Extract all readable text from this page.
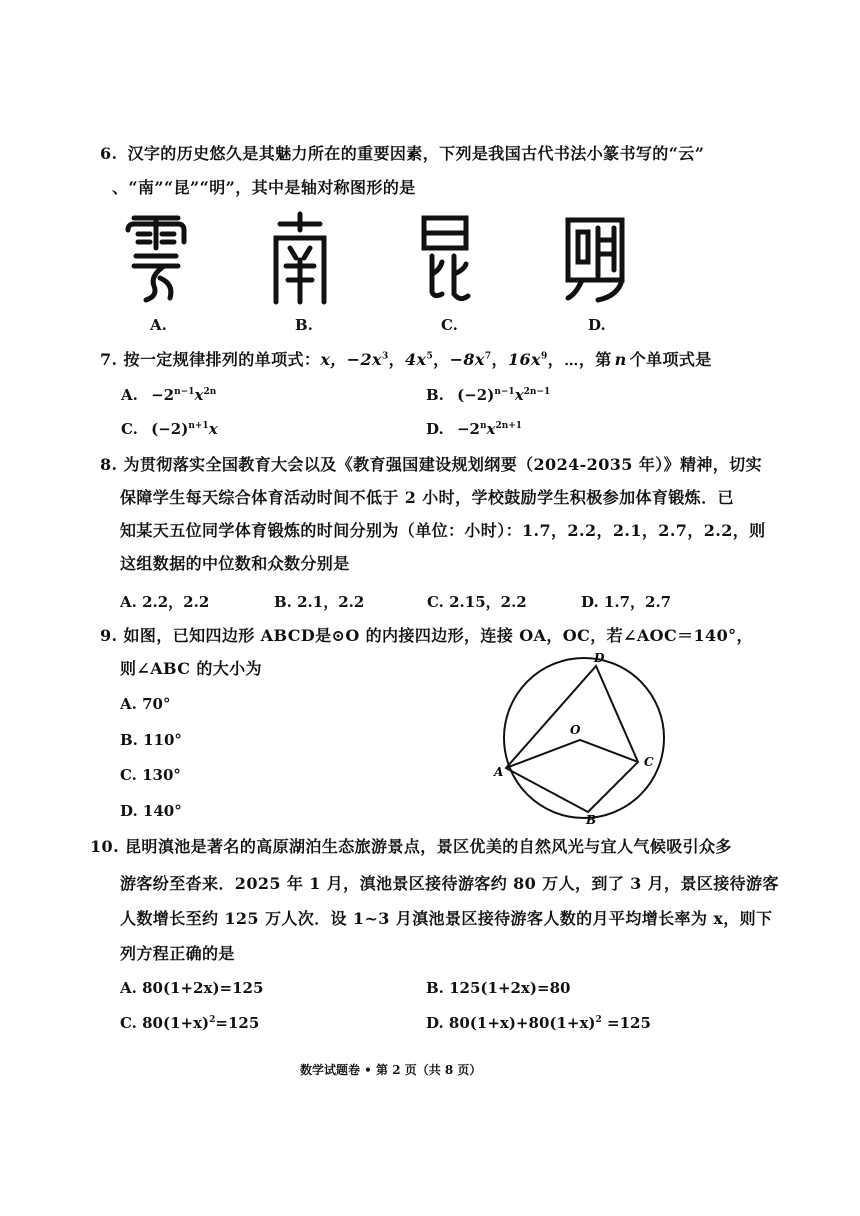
6. 汉字的历史悠久是其魅力所在的重要因素，下列是我国古代书法小篆书写的“云”
、“南”“昆”“明”，其中是轴对称图形的是
A.	B.	C.	D.
7. 按一定规律排列的单项式：x，$-2x^3$，$4x^5$，$-8x^7$，$16x^9$，⋯，第 n 个单项式是
A. $-2^{n-1}x^{2n}$	B. $(-2)^{n-1}x^{2n-1}$
C. $(-2)^{n+1}x$	D. $-2^nx^{2n+1}$
8. 为贯彻落实全国教育大会以及《教育强国建设规划纲要（2024-2035 年）》精神，切实
保障学生每天综合体育活动时间不低于 2 小时，学校鼓励学生积极参加体育锻炼．已
知某天五位同学体育锻炼的时间分别为（单位：小时）：1.7，2.2，2.1，2.7，2.2，则
这组数据的中位数和众数分别是
A. 2.2，2.2	B. 2.1，2.2	C. 2.15，2.2	D. 1.7，2.7
9. 如图，已知四边形 ABCD是⊙O 的内接四边形，连接 OA，OC，若∠AOC＝140°，
则∠ABC 的大小为
A. 70°
B. 110°
C. 130°
D. 140°
D
O
A
C
B
10. 昆明滇池是著名的高原湖泊生态旅游景点，景区优美的自然风光与宜人气候吸引众多
游客纷至沓来．2025 年 1 月，滇池景区接待游客约 80 万人，到了 3 月，景区接待游客
人数增长至约 125 万人次．设 1~3 月滇池景区接待游客人数的月平均增长率为 x，则下
列方程正确的是
A. 80(1+2x)=125	B. 125(1+2x)=80
C. $80(1+x)^2=125$	D. $80(1+x)+80(1+x)^2 =125$
数学试题卷 • 第 2 页（共 8 页）
